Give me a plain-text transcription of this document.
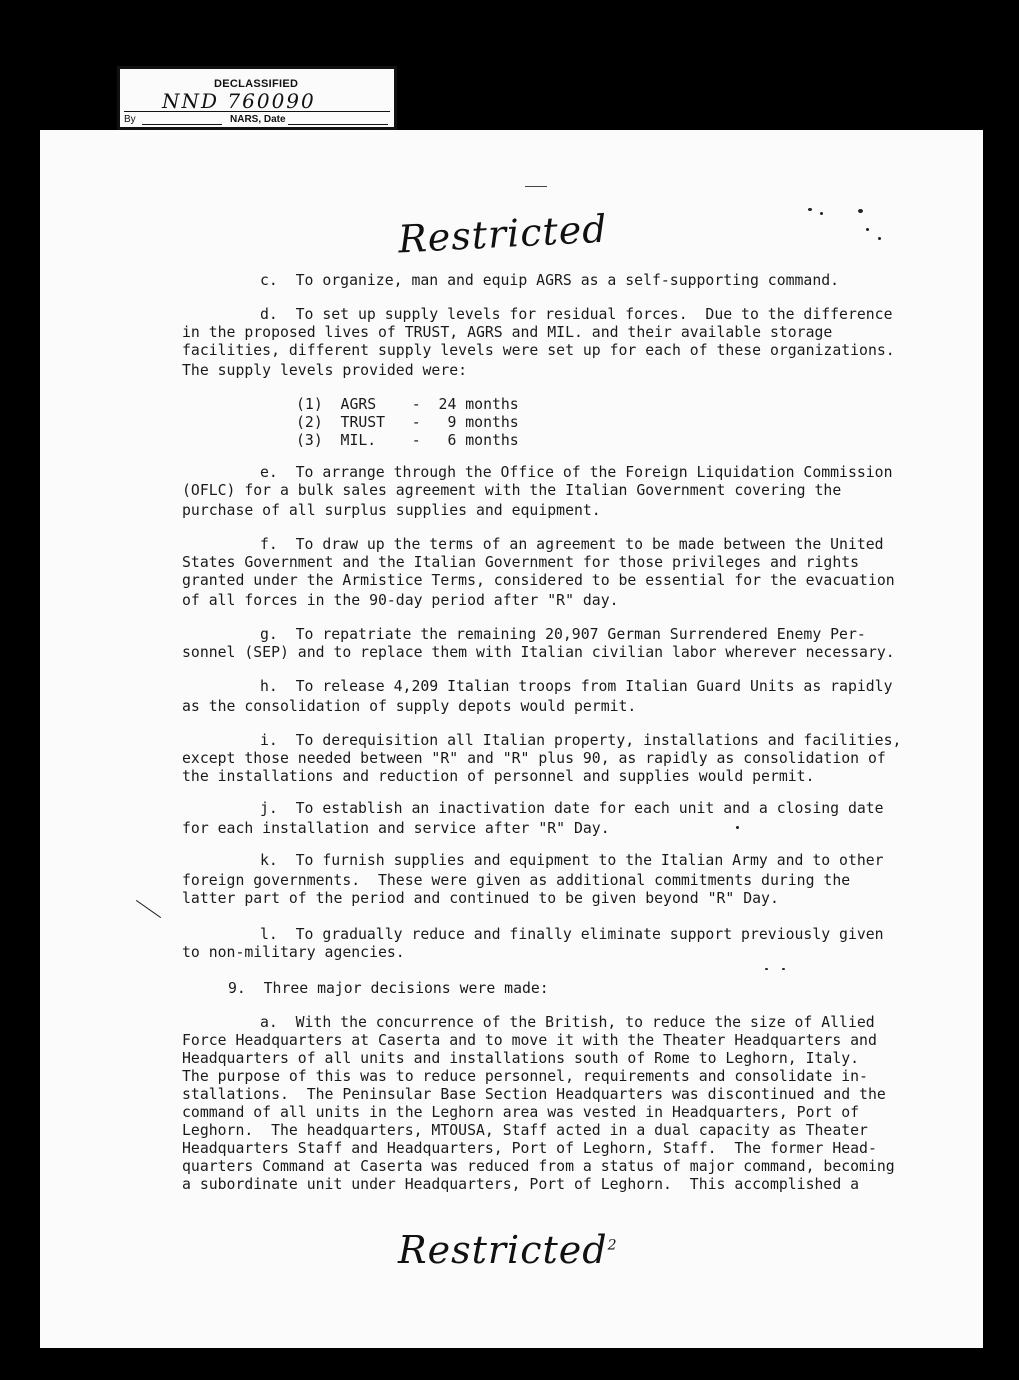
DECLASSIFIED
NND 760090
By	NARS, Date
Restricted

c.  To organize, man and equip AGRS as a self-supporting command.

d.  To set up supply levels for residual forces.  Due to the difference

in the proposed lives of TRUST, AGRS and MIL. and their available storage

facilities, different supply levels were set up for each of these organizations.

The supply levels provided were:

(1)  AGRS    -  24 months

(2)  TRUST   -   9 months

(3)  MIL.    -   6 months

e.  To arrange through the Office of the Foreign Liquidation Commission

(OFLC) for a bulk sales agreement with the Italian Government covering the

purchase of all surplus supplies and equipment.

f.  To draw up the terms of an agreement to be made between the United

States Government and the Italian Government for those privileges and rights

granted under the Armistice Terms, considered to be essential for the evacuation

of all forces in the 90-day period after "R" day.

g.  To repatriate the remaining 20,907 German Surrendered Enemy Per-

sonnel (SEP) and to replace them with Italian civilian labor wherever necessary.

h.  To release 4,209 Italian troops from Italian Guard Units as rapidly

as the consolidation of supply depots would permit.

i.  To derequisition all Italian property, installations and facilities,

except those needed between "R" and "R" plus 90, as rapidly as consolidation of

the installations and reduction of personnel and supplies would permit.

j.  To establish an inactivation date for each unit and a closing date

for each installation and service after "R" Day.

k.  To furnish supplies and equipment to the Italian Army and to other

foreign governments.  These were given as additional commitments during the

latter part of the period and continued to be given beyond "R" Day.

l.  To gradually reduce and finally eliminate support previously given

to non-military agencies.

9.  Three major decisions were made:

a.  With the concurrence of the British, to reduce the size of Allied

Force Headquarters at Caserta and to move it with the Theater Headquarters and

Headquarters of all units and installations south of Rome to Leghorn, Italy.

The purpose of this was to reduce personnel, requirements and consolidate in-

stallations.  The Peninsular Base Section Headquarters was discontinued and the

command of all units in the Leghorn area was vested in Headquarters, Port of

Leghorn.  The headquarters, MTOUSA, Staff acted in a dual capacity as Theater

Headquarters Staff and Headquarters, Port of Leghorn, Staff.  The former Head-

quarters Command at Caserta was reduced from a status of major command, becoming

a subordinate unit under Headquarters, Port of Leghorn.  This accomplished a

Restricted$^2$
